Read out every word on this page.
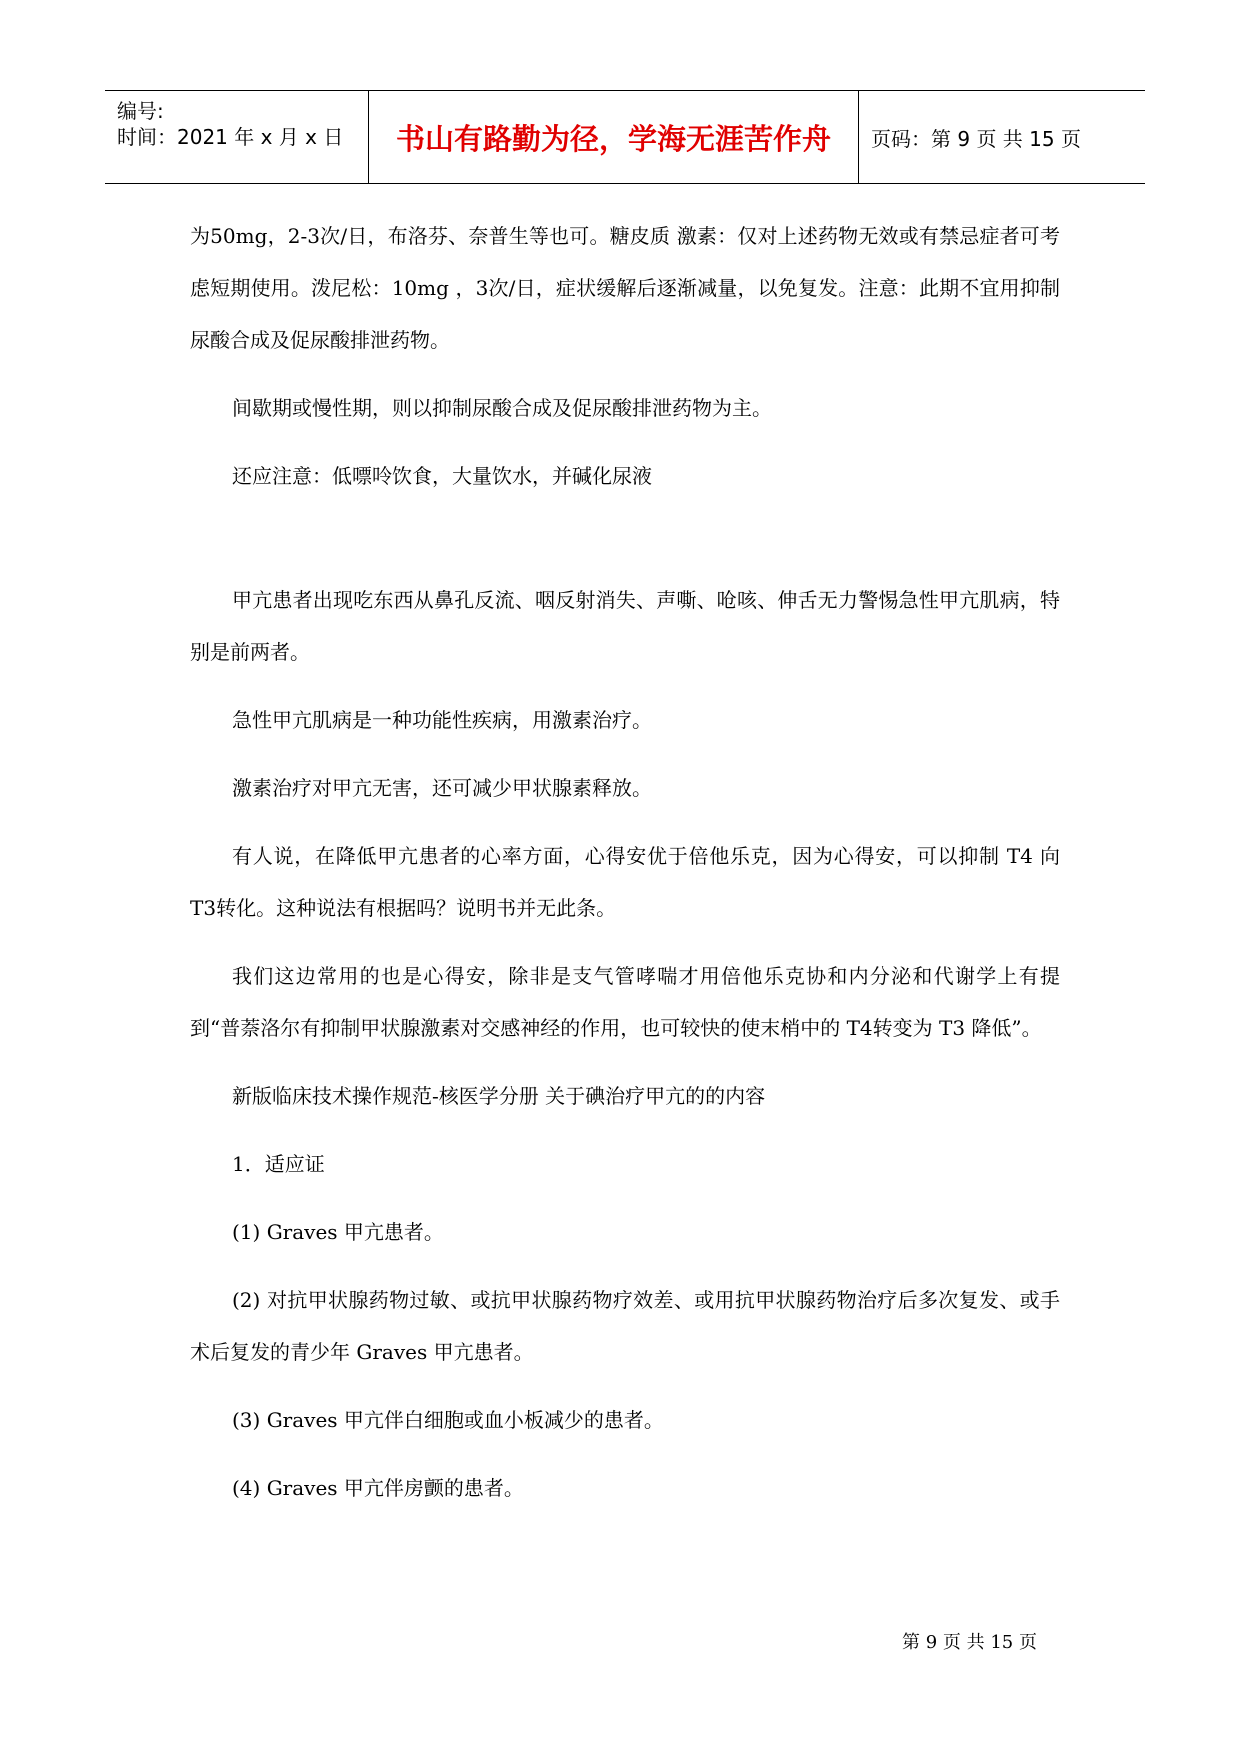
编号:
时间：2021 年 x 月 x 日 书山有路勤为径，学海无涯苦作舟 页码：第 9 页 共 15 页

为50mg，2-3次/日，布洛芬、奈普生等也可。糖皮质 激素：仅对上述药物无效或有禁忌症者可考虑短期使用。泼尼松：10mg ，3次/日，症状缓解后逐渐减量，以免复发。注意：此期不宜用抑制尿酸合成及促尿酸排泄药物。

间歇期或慢性期，则以抑制尿酸合成及促尿酸排泄药物为主。

还应注意：低嘌呤饮食，大量饮水，并碱化尿液

甲亢患者出现吃东西从鼻孔反流、咽反射消失、声嘶、呛咳、伸舌无力警惕急性甲亢肌病，特别是前两者。

急性甲亢肌病是一种功能性疾病，用激素治疗。

激素治疗对甲亢无害，还可减少甲状腺素释放。

有人说，在降低甲亢患者的心率方面，心得安优于倍他乐克，因为心得安，可以抑制 T4 向 T3转化。这种说法有根据吗？说明书并无此条。

我们这边常用的也是心得安，除非是支气管哮喘才用倍他乐克协和内分泌和代谢学上有提到“普萘洛尔有抑制甲状腺激素对交感神经的作用，也可较快的使末梢中的 T4转变为 T3 降低”。

新版临床技术操作规范-核医学分册 关于碘治疗甲亢的的内容

1．适应证

(1) Graves 甲亢患者。

(2) 对抗甲状腺药物过敏、或抗甲状腺药物疗效差、或用抗甲状腺药物治疗后多次复发、或手术后复发的青少年 Graves 甲亢患者。

(3) Graves 甲亢伴白细胞或血小板减少的患者。

(4) Graves 甲亢伴房颤的患者。

第 9 页 共 15 页
